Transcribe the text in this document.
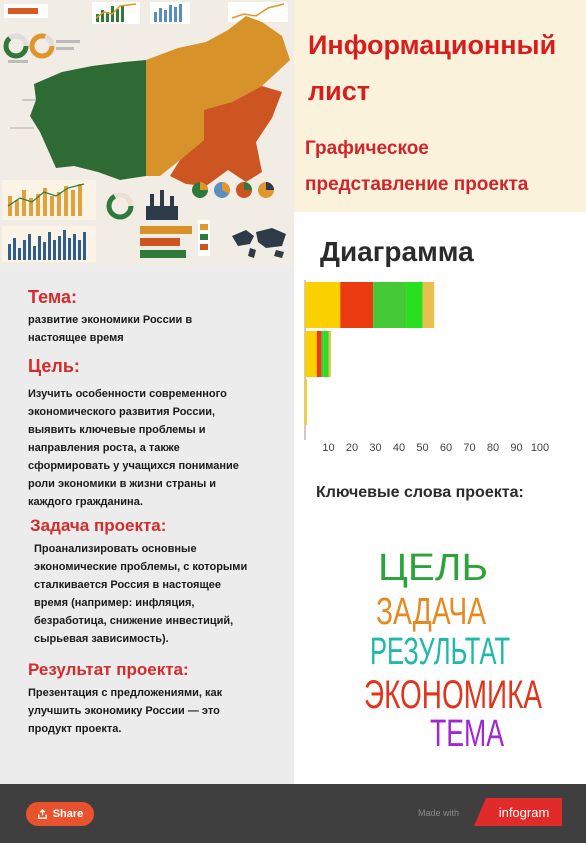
Информационный лист
Графическое представление проекта
Тема:
развитие экономики России в настоящее время
Цель:
Изучить особенности современного экономического развития России, выявить ключевые проблемы и направления роста, а также сформировать у учащихся понимание роли экономики в жизни страны и каждого гражданина.
Задача проекта:
Проанализировать основные экономические проблемы, с которыми сталкивается Россия в настоящее время (например: инфляция, безработица, снижение инвестиций, сырьевая зависимость).
Результат проекта:
Презентация с предложениями, как улучшить экономику России — это продукт проекта.
Диаграмма
10 20 30 40 50 60 70 80 90 100
Ключевые слова проекта:
ЦЕЛЬ
ЗАДАЧА
РЕЗУЛЬТАТ
ЭКОНОМИКА
ТЕМА
Share	Made with	infogram
